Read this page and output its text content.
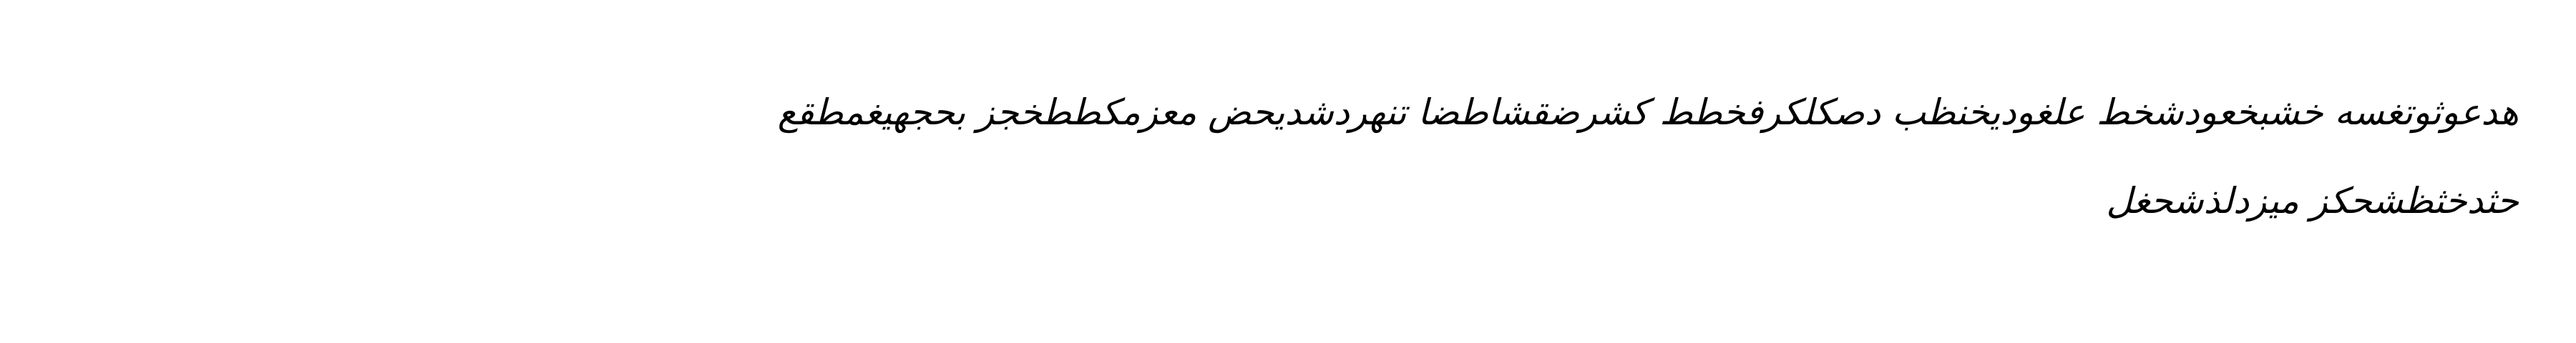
هدعوثوتغسه خشبخعودشخط علغوديخنظب دصكلكرفخطط كشرضقشاطضا تنهردشديحض معزمكططخجز بحجهيغمطقع
حثدخثظشحكز ميزدلذشحغل
